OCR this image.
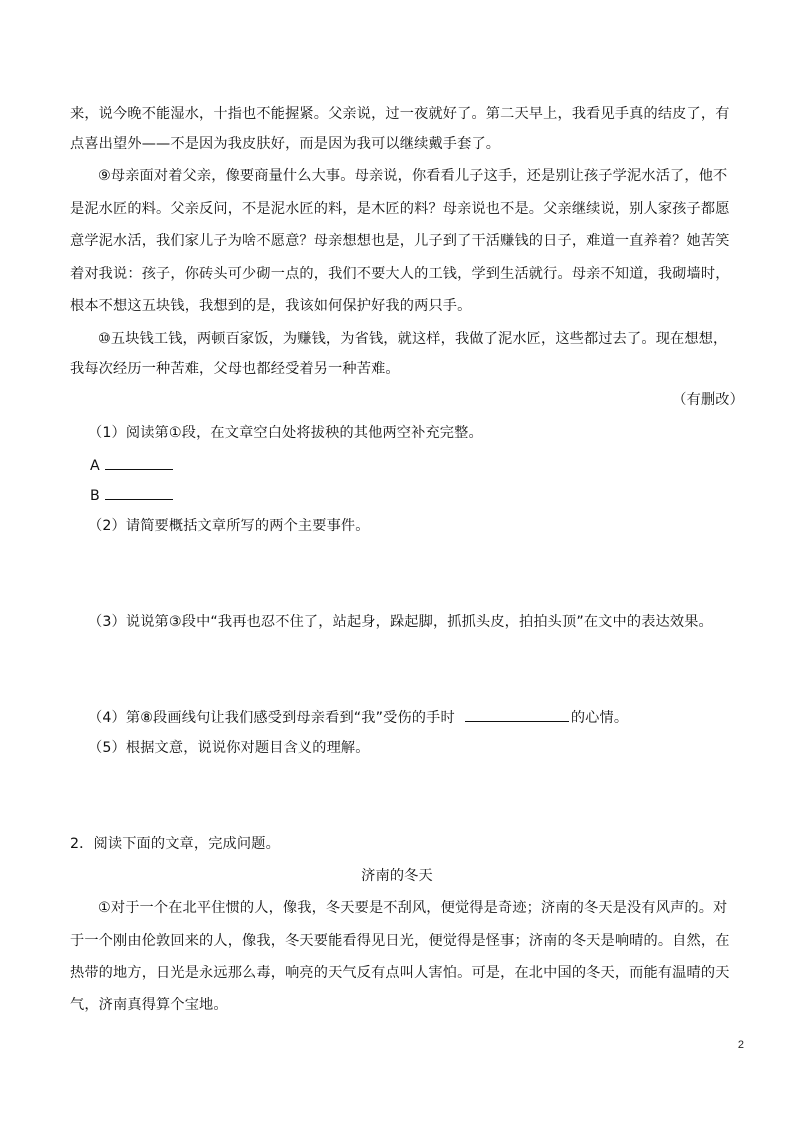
来，说今晚不能湿水，十指也不能握紧。父亲说，过一夜就好了。第二天早上，我看见手真的结皮了，有
点喜出望外——不是因为我皮肤好，而是因为我可以继续戴手套了。
⑨母亲面对着父亲，像要商量什么大事。母亲说，你看看儿子这手，还是别让孩子学泥水活了，他不
是泥水匠的料。父亲反问，不是泥水匠的料，是木匠的料？母亲说也不是。父亲继续说，别人家孩子都愿
意学泥水活，我们家儿子为啥不愿意？母亲想想也是，儿子到了干活赚钱的日子，难道一直养着？她苦笑
着对我说：孩子，你砖头可少砌一点的，我们不要大人的工钱，学到生活就行。母亲不知道，我砌墙时，
根本不想这五块钱，我想到的是，我该如何保护好我的两只手。
⑩五块钱工钱，两顿百家饭，为赚钱，为省钱，就这样，我做了泥水匠，这些都过去了。现在想想，
我每次经历一种苦难，父母也都经受着另一种苦难。
（有删改）
（1）阅读第①段，在文章空白处将拔秧的其他两空补充完整。
A
B
（2）请简要概括文章所写的两个主要事件。
（3）说说第③段中“我再也忍不住了，站起身，跺起脚，抓抓头皮，拍拍头顶”在文中的表达效果。
（4）第⑧段画线句让我们感受到母亲看到“我”受伤的手时	的心情。
（5）根据文意，说说你对题目含义的理解。
2．阅读下面的文章，完成问题。
济南的冬天
①对于一个在北平住惯的人，像我，冬天要是不刮风，便觉得是奇迹；济南的冬天是没有风声的。对
于一个刚由伦敦回来的人，像我，冬天要能看得见日光，便觉得是怪事；济南的冬天是响晴的。自然，在
热带的地方，日光是永远那么毒，响亮的天气反有点叫人害怕。可是，在北中国的冬天，而能有温晴的天
气，济南真得算个宝地。
2
